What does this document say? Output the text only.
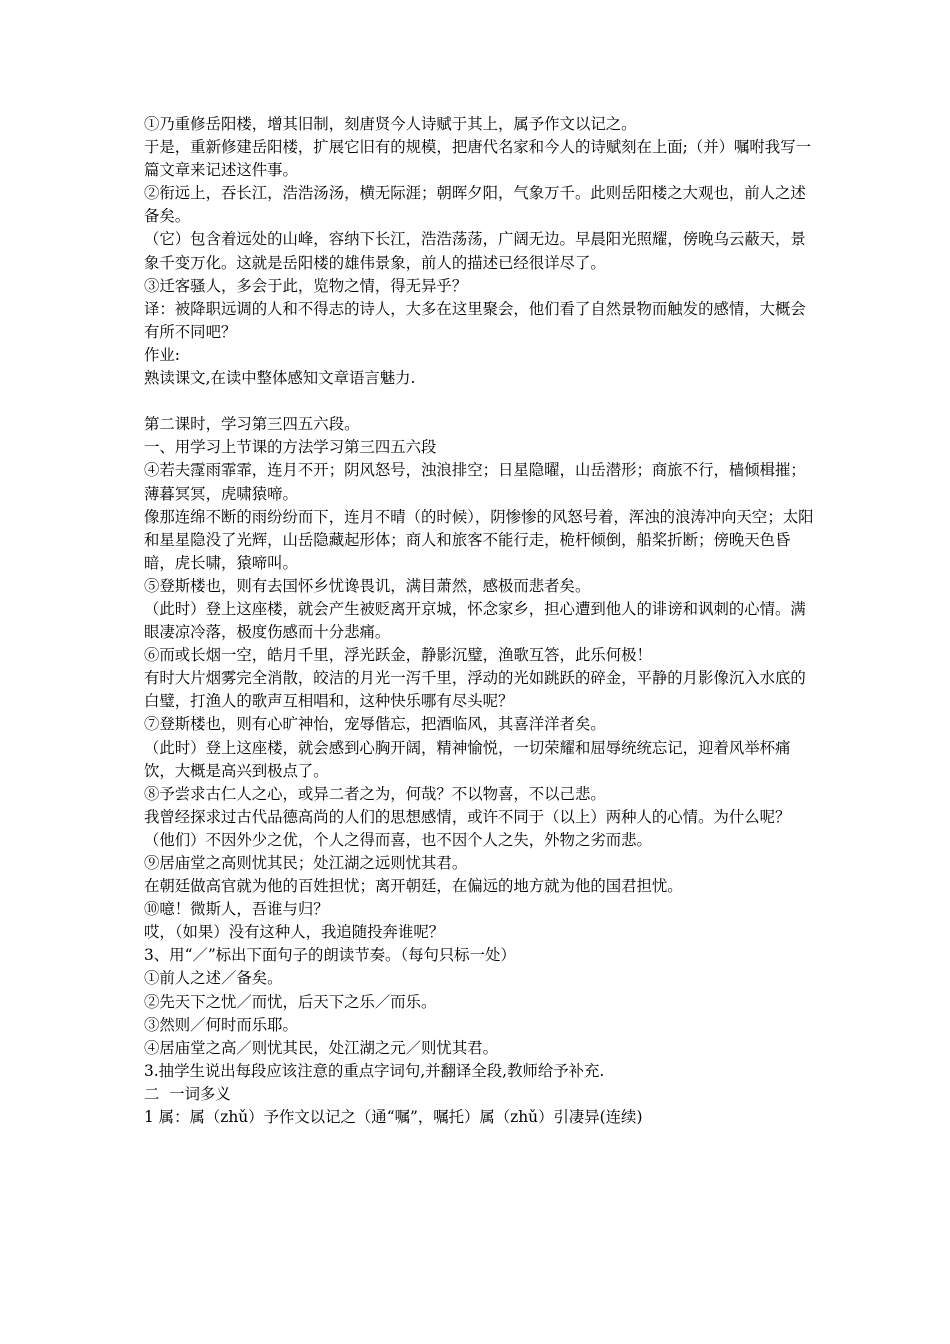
①乃重修岳阳楼，增其旧制，刻唐贤今人诗赋于其上，属予作文以记之。
于是，重新修建岳阳楼，扩展它旧有的规模，把唐代名家和今人的诗赋刻在上面;（并）嘱咐我写一篇文章来记述这件事。
②衔远上，吞长江，浩浩汤汤，横无际涯；朝晖夕阳，气象万千。此则岳阳楼之大观也，前人之述备矣。
（它）包含着远处的山峰，容纳下长江，浩浩荡荡，广阔无边。早晨阳光照耀，傍晚乌云蔽天，景象千变万化。这就是岳阳楼的雄伟景象，前人的描述已经很详尽了。
③迁客骚人，多会于此，览物之情，得无异乎？
译：被降职远调的人和不得志的诗人，大多在这里聚会，他们看了自然景物而触发的感情，大概会有所不同吧？
作业:
熟读课文,在读中整体感知文章语言魅力.
第二课时，学习第三四五六段。
一、用学习上节课的方法学习第三四五六段
④若夫霪雨霏霏，连月不开；阴风怒号，浊浪排空；日星隐曜，山岳潜形；商旅不行，樯倾楫摧；薄暮冥冥，虎啸猿啼。
像那连绵不断的雨纷纷而下，连月不晴（的时候），阴惨惨的风怒号着，浑浊的浪涛冲向天空；太阳和星星隐没了光辉，山岳隐藏起形体；商人和旅客不能行走，桅杆倾倒，船桨折断；傍晚天色昏暗，虎长啸，猿啼叫。
⑤登斯楼也，则有去国怀乡忧谗畏讥，满目萧然，感极而悲者矣。
（此时）登上这座楼，就会产生被贬离开京城，怀念家乡，担心遭到他人的诽谤和讽刺的心情。满眼凄凉冷落，极度伤感而十分悲痛。
⑥而或长烟一空，皓月千里，浮光跃金，静影沉璧，渔歌互答，此乐何极！
有时大片烟雾完全消散，皎洁的月光一泻千里，浮动的光如跳跃的碎金，平静的月影像沉入水底的白璧，打渔人的歌声互相唱和，这种快乐哪有尽头呢？
⑦登斯楼也，则有心旷神怡，宠辱偕忘，把酒临风，其喜洋洋者矣。
（此时）登上这座楼，就会感到心胸开阔，精神愉悦，一切荣耀和屈辱统统忘记，迎着风举杯痛饮，大概是高兴到极点了。
⑧予尝求古仁人之心，或异二者之为，何哉？不以物喜，不以己悲。
我曾经探求过古代品德高尚的人们的思想感情，或许不同于（以上）两种人的心情。为什么呢？（他们）不因外少之优，个人之得而喜，也不因个人之失，外物之劣而悲。
⑨居庙堂之高则忧其民；处江湖之远则忧其君。
在朝廷做高官就为他的百姓担忧；离开朝廷，在偏远的地方就为他的国君担忧。
⑩噫！微斯人，吾谁与归？
哎，（如果）没有这种人，我追随投奔谁呢？
3、用“／”标出下面句子的朗读节奏。（每句只标一处）
①前人之述／备矣。
②先天下之忧／而忧，后天下之乐／而乐。
③然则／何时而乐耶。
④居庙堂之高／则忧其民，处江湖之元／则忧其君。
3.抽学生说出每段应该注意的重点字词句,并翻译全段,教师给予补充.
二  一词多义
1 属：属（zhǔ）予作文以记之（通“嘱”，嘱托）属（zhǔ）引凄异(连续)
